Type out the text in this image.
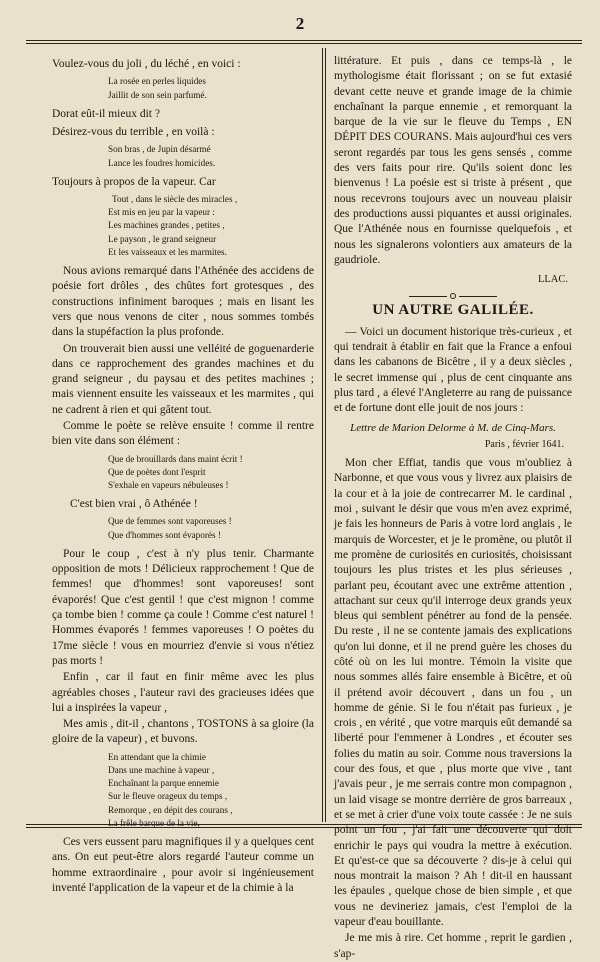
2
Voulez-vous du joli , du léché , en voici :
La rosée en perles liquides
Jaillit de son sein parfumé.
Dorat eût-il mieux dit ?
Désirez-vous du terrible , en voilà :
Son bras , de Jupin désarmé
Lance les foudres homicides.
Toujours à propos de la vapeur. Car
Tout , dans le siècle des miracles ,
Est mis en jeu par la vapeur :
Les machines grandes , petites ,
Le payson , le grand seigneur
Et les vaisseaux et les marmites.
Nous avions remarqué dans l'Athénée des accidens de poésie fort drôles , des chûtes fort grotesques , des constructions infiniment baroques ; mais en lisant les vers que nous venons de citer , nous sommes tombés dans la stupéfaction la plus profonde.
On trouverait bien aussi une velléité de goguenarderie dans ce rapprochement des grandes machines et du grand seigneur , du paysau et des petites machines ; mais viennent ensuite les vaisseaux et les marmites , qui ne cadrent à rien et qui gâtent tout.
Comme le poète se relève ensuite ! comme il rentre bien vite dans son élément :
Que de brouillards dans maint écrit !
Que de poètes dont l'esprit
S'exhale en vapeurs nébuleuses !
C'est bien vrai , ô Athénée !
Que de femmes sont vaporeuses !
Que d'hommes sont évaporés !
Pour le coup , c'est à n'y plus tenir. Charmante opposition de mots ! Délicieux rapprochement ! Que de femmes! que d'hommes! sont vaporeuses! sont évaporés! Que c'est gentil ! que c'est mignon ! comme ça tombe bien ! comme ça coule ! Comme c'est naturel ! Hommes évaporés ! femmes vaporeuses ! O poètes du 17me siècle ! vous en mourriez d'envie si vous n'étiez pas morts !
Enfin , car il faut en finir même avec les plus agréables choses , l'auteur ravi des gracieuses idées que lui a inspirées la vapeur ,
Mes amis , dit-il , chantons , TOSTONS à sa gloire (la gloire de la vapeur) , et buvons.
En attendant que la chimie
Dans une machine à vapeur ,
Enchaînant la parque ennemie
Sur le fleuve orageux du temps ,
Remorque , en dépit des courans ,
La frêle barque de la vie,
Ces vers eussent paru magnifiques il y a quelques cent ans. On eut peut-être alors regardé l'auteur comme un homme extraordinaire , pour avoir si ingénieusement inventé l'application de la vapeur et de la chimie à la
littérature. Et puis , dans ce temps-là , le mythologisme était florissant ; on se fut extasié devant cette neuve et grande image de la chimie enchaînant la parque ennemie , et remorquant la barque de la vie sur le fleuve du Temps , EN DÉPIT DES COURANS. Mais aujourd'hui ces vers seront regardés par tous les gens sensés , comme des vers faits pour rire. Qu'ils soient donc les bienvenus ! La poésie est si triste à présent , que nous recevrons toujours avec un nouveau plaisir des productions aussi piquantes et aussi originales. Que l'Athénée nous en fournisse quelquefois , et nous les signalerons volontiers aux amateurs de la gaudriole.
LLAC.
UN AUTRE GALILÉE.
— Voici un document historique très-curieux , et qui tendrait à établir en fait que la France a enfoui dans les cabanons de Bicêtre , il y a deux siècles , le secret immense qui , plus de cent cinquante ans plus tard , a élevé l'Angleterre au rang de puissance et de fortune dont elle jouit de nos jours :
Lettre de Marion Delorme à M. de Cinq-Mars.
Paris , février 1641.
Mon cher Effiat, tandis que vous m'oubliez à Narbonne, et que vous vous y livrez aux plaisirs de la cour et à la joie de contrecarrer M. le cardinal , moi , suivant le désir que vous m'en avez exprimé, je fais les honneurs de Paris à votre lord anglais , le marquis de Worcester, et je le promène, ou plutôt il me promène de curiosités en curiosités, choisissant toujours les plus tristes et les plus sérieuses , parlant peu, écoutant avec une extrême attention , attachant sur ceux qu'il interroge deux grands yeux bleus qui semblent pénétrer au fond de la pensée. Du reste , il ne se contente jamais des explications qu'on lui donne, et il ne prend guère les choses du côté où on les lui montre. Témoin la visite que nous sommes allés faire ensemble à Bicêtre, et où il prétend avoir découvert , dans un fou , un homme de génie. Si le fou n'était pas furieux , je crois , en vérité , que votre marquis eût demandé sa liberté pour l'emmener à Londres , et écouter ses folies du matin au soir. Comme nous traversions la cour des fous, et que , plus morte que vive , tant j'avais peur , je me serrais contre mon compagnon , un laid visage se montre derrière de gros barreaux , et se met à crier d'une voix toute cassée : Je ne suis point un fou , j'ai fait une découverte qui doit enrichir le pays qui voudra la mettre à exécution. Et qu'est-ce que sa découverte ? dis-je à celui qui nous montrait la maison ? Ah ! dit-il en haussant les épaules , quelque chose de bien simple , et que vous ne devineriez jamais, c'est l'emploi de la vapeur d'eau bouillante.
Je me mis à rire. Cet homme , reprit le gardien , s'ap-
